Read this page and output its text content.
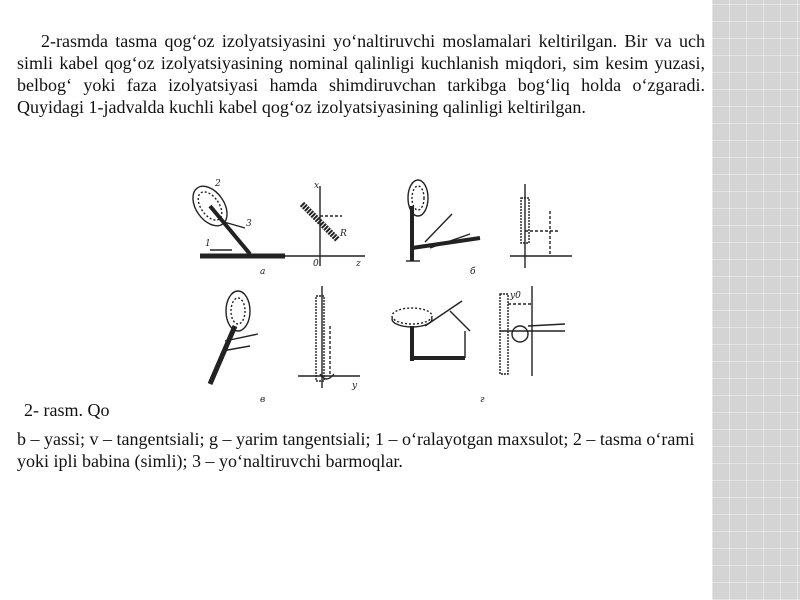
2-rasmda tasma qog‘oz izolyatsiyasini yo‘naltiruvchi moslamalari keltirilgan. Bir va uch simli kabel qog‘oz izolyatsiyasining nominal qalinligi kuchlanish miqdori, sim kesim yuzasi, belbog‘ yoki faza izolyatsiyasi hamda shimdiruvchan tarkibga bog‘liq holda o‘zgaradi. Quyidagi 1-jadvalda kuchli kabel qog‘oz izolyatsiyasining qalinligi keltirilgan.

2
3
1
a
x
z
0
R
б
в	г
y
y0

2- rasm. Qo

b – yassi; v – tangentsiali; g – yarim tangentsiali; 1 – o‘ralayotgan maxsulot; 2 – tasma o‘rami yoki ipli babina (simli); 3 – yo‘naltiruvchi barmoqlar.
